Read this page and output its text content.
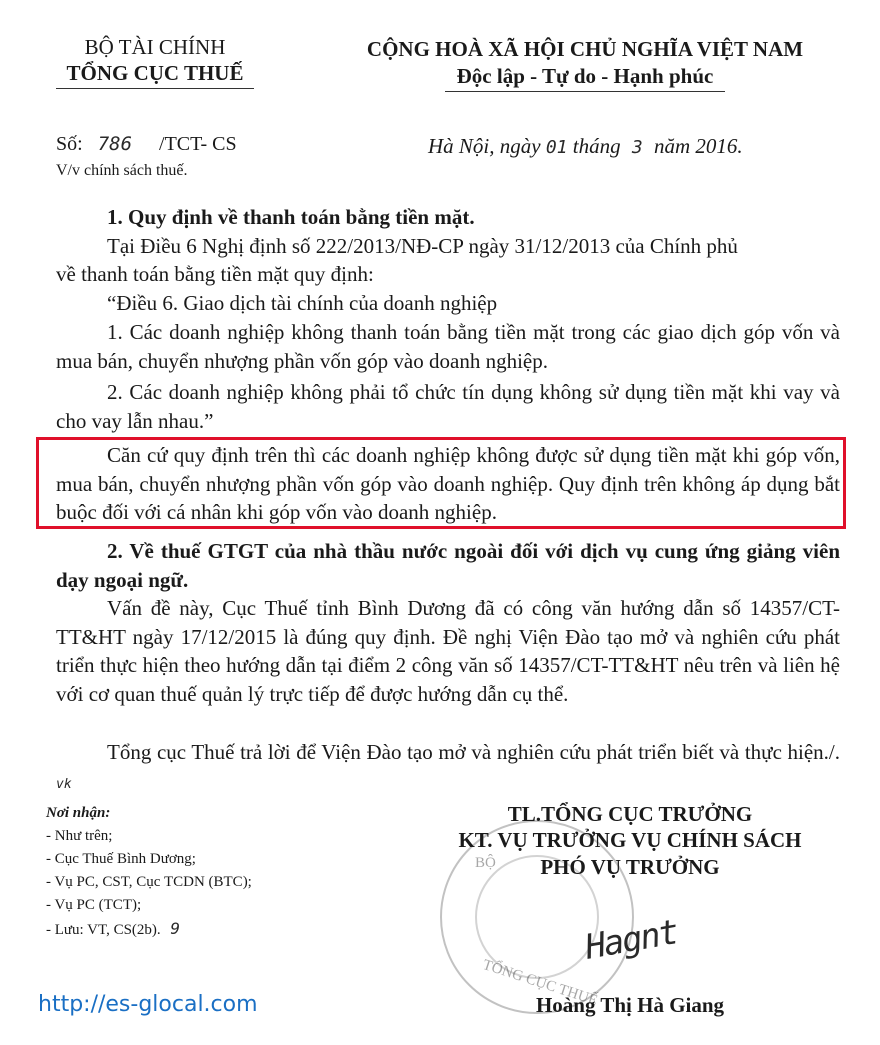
BỘ TÀI CHÍNH
TỔNG CỤC THUẾ
CỘNG HOÀ XÃ HỘI CHỦ NGHĨA VIỆT NAM
Độc lập - Tự do - Hạnh phúc
Số: 786 /TCT- CS
V/v chính sách thuế.
Hà Nội, ngày 01 tháng 3 năm 2016.
1. Quy định về thanh toán bằng tiền mặt.
Tại Điều 6 Nghị định số 222/2013/NĐ-CP ngày 31/12/2013 của Chính phủ
về thanh toán bằng tiền mặt quy định:
“Điều 6. Giao dịch tài chính của doanh nghiệp
1. Các doanh nghiệp không thanh toán bằng tiền mặt trong các giao dịch góp vốn và mua bán, chuyển nhượng phần vốn góp vào doanh nghiệp.
2. Các doanh nghiệp không phải tổ chức tín dụng không sử dụng tiền mặt khi vay và cho vay lẫn nhau.”
Căn cứ quy định trên thì các doanh nghiệp không được sử dụng tiền mặt khi góp vốn, mua bán, chuyển nhượng phần vốn góp vào doanh nghiệp. Quy định trên không áp dụng bắt buộc đối với cá nhân khi góp vốn vào doanh nghiệp.
2. Về thuế GTGT của nhà thầu nước ngoài đối với dịch vụ cung ứng giảng viên dạy ngoại ngữ.
Vấn đề này, Cục Thuế tỉnh Bình Dương đã có công văn hướng dẫn số 14357/CT-TT&HT ngày 17/12/2015 là đúng quy định. Đề nghị Viện Đào tạo mở và nghiên cứu phát triển thực hiện theo hướng dẫn tại điểm 2 công văn số 14357/CT-TT&HT nêu trên và liên hệ với cơ quan thuế quản lý trực tiếp để được hướng dẫn cụ thể.
Tổng cục Thuế trả lời để Viện Đào tạo mở và nghiên cứu phát triển biết và thực hiện./. vk
Nơi nhận:
- Như trên;
- Cục Thuế Bình Dương;
- Vụ PC, CST, Cục TCDN (BTC);
- Vụ PC (TCT);
- Lưu: VT, CS(2b). 9
BỘ
TỔNG CỤC THUẾ
TL.TỔNG CỤC TRƯỞNG
KT. VỤ TRƯỞNG VỤ CHÍNH SÁCH
PHÓ VỤ TRƯỞNG
Hagnt
Hoàng Thị Hà Giang
http://es-glocal.com
